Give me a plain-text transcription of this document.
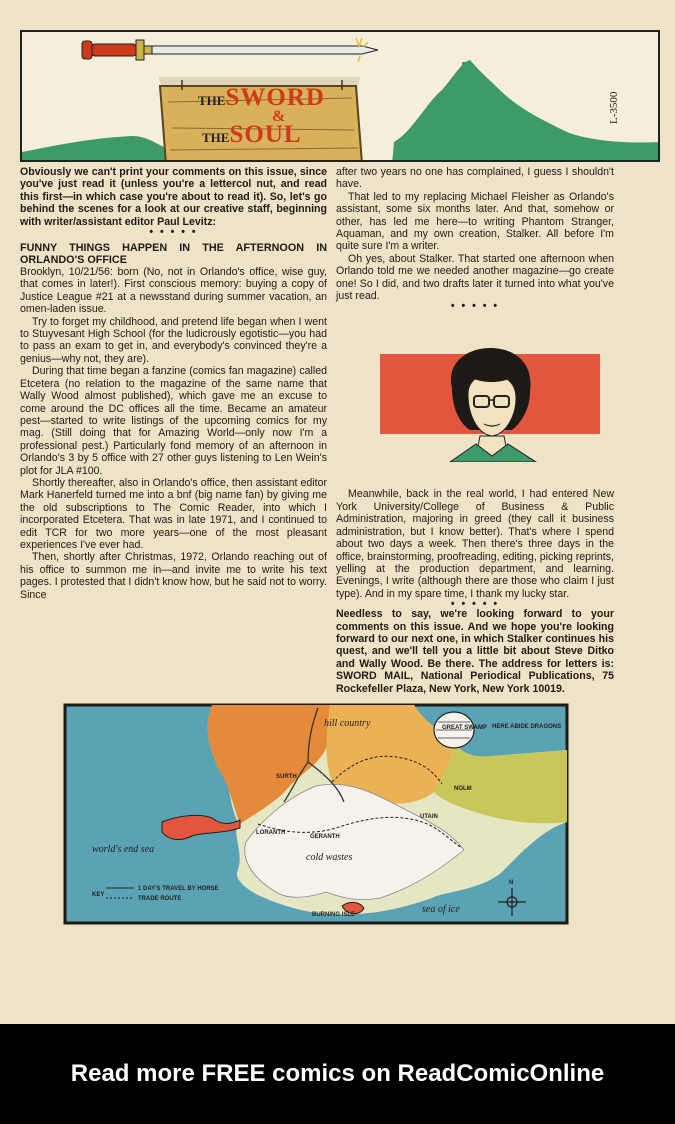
THESWORD
&
THESOUL
L-3500

Obviously we can't print your comments on this issue, since you've just read it (unless you're a lettercol nut, and read this first—in which case you're about to read it). So, let's go behind the scenes for a look at our creative staff, beginning with writer/assistant editor Paul Levitz:

• • • • •
FUNNY THINGS HAPPEN IN THE AFTERNOON IN ORLANDO'S OFFICE

Brooklyn, 10/21/56: born (No, not in Orlando's office, wise guy, that comes in later!). First conscious memory: buying a copy of Justice League #21 at a newsstand during summer vacation, an omen-laden issue.

Try to forget my childhood, and pretend life began when I went to Stuyvesant High School (for the ludicrously egotistic—you had to pass an exam to get in, and everybody's convinced they're a genius—why not, they are).

During that time began a fanzine (comics fan magazine) called Etcetera (no relation to the magazine of the same name that Wally Wood almost published), which gave me an excuse to come around the DC offices all the time. Became an amateur pest—started to write listings of the upcoming comics for my mag. (Still doing that for Amazing World—only now I'm a professional pest.) Particularly fond memory of an afternoon in Orlando's 3 by 5 office with 27 other guys listening to Len Wein's plot for JLA #100.

Shortly thereafter, also in Orlando's office, then assistant editor Mark Hanerfeld turned me into a bnf (big name fan) by giving me the old subscriptions to The Comic Reader, into which I incorporated Etcetera. That was in late 1971, and I continued to edit TCR for two more years—one of the most pleasant experiences I've ever had.

Then, shortly after Christmas, 1972, Orlando reaching out of his office to summon me in—and invite me to write his text pages. I protested that I didn't know how, but he said not to worry. Since

after two years no one has complained, I guess I shouldn't have.

That led to my replacing Michael Fleisher as Orlando's assistant, some six months later. And that, somehow or other, has led me here—to writing Phantom Stranger, Aquaman, and my own creation, Stalker. All before I'm quite sure I'm a writer.

Oh yes, about Stalker. That started one afternoon when Orlando told me we needed another magazine—go create one! So I did, and two drafts later it turned into what you've just read.

• • • • •

Meanwhile, back in the real world, I had entered New York University/College of Business & Public Administration, majoring in greed (they call it business administration, but I know better). That's where I spend about two days a week. Then there's three days in the office, brainstorming, proofreading, editing, picking reprints, yelling at the production department, and learning. Evenings, I write (although there are those who claim I just type). And in my spare time, I thank my lucky star.

• • • • •

Needless to say, we're looking forward to your comments on this issue. And we hope you're looking forward to our next one, in which Stalker continues his quest, and we'll tell you a little bit about Steve Ditko and Wally Wood. Be there. The address for letters is: SWORD MAIL, National Periodical Publications, 75 Rockefeller Plaza, New York, New York 10019.

hill country	GREAT SWAMP HERE ABIDE DRAGONS
SURTH
UTAIN
NOLM
LORANTH
GERANTH
world's end sea
cold wastes
BURNING ISLE	sea of ice
1 DAY'S TRAVEL BY HORSE
TRADE ROUTE
KEY
N
Read more FREE comics on ReadComicOnline
